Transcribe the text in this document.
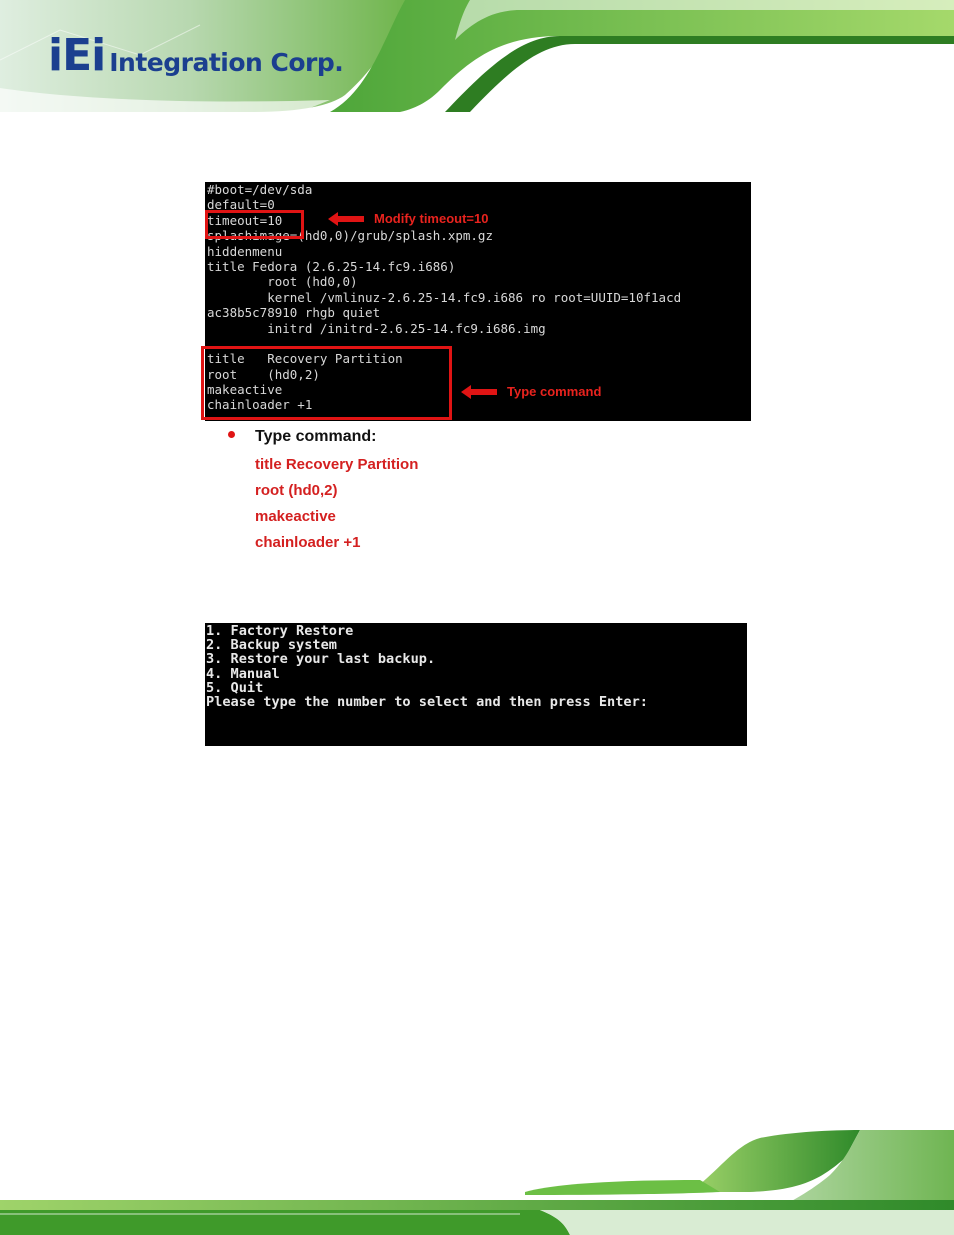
iEi Integration Corp.
#boot=/dev/sda
default=0
timeout=10
splashimage=(hd0,0)/grub/splash.xpm.gz
hiddenmenu
title Fedora (2.6.25-14.fc9.i686)
root (hd0,0)
kernel /vmlinuz-2.6.25-14.fc9.i686 ro root=UUID=10f1acd
ac38b5c78910 rhgb quiet
initrd /initrd-2.6.25-14.fc9.i686.img
title   Recovery Partition
root    (hd0,2)
makeactive
chainloader +1
Modify timeout=10
Type command
Type command:
title Recovery Partition
root (hd0,2)
makeactive
chainloader +1
1. Factory Restore
2. Backup system
3. Restore your last backup.
4. Manual
5. Quit
Please type the number to select and then press Enter:
